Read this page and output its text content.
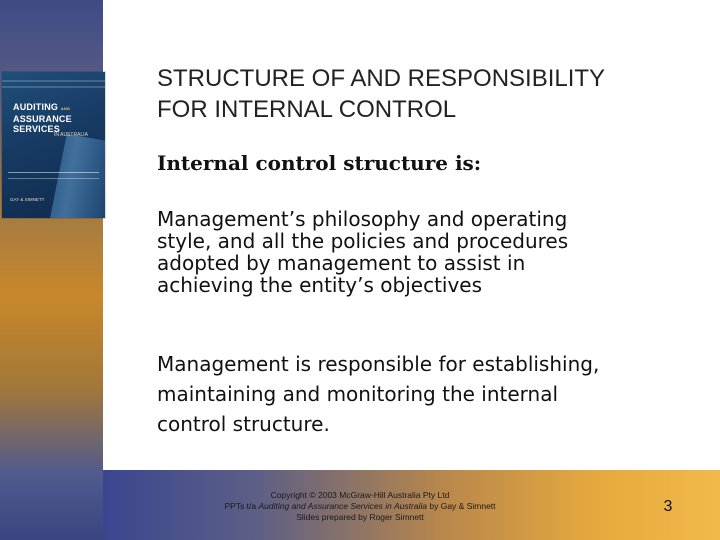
AUDITING AND
ASSURANCE
SERVICES
IN AUSTRALIA
GAY & SIMNETT
STRUCTURE OF AND RESPONSIBILITY
FOR INTERNAL CONTROL
Internal control structure is:
Management’s philosophy and operating
style, and all the policies and procedures
adopted by management to assist in
achieving the entity’s objectives
Management is responsible for establishing,
maintaining and monitoring the internal
control structure.
Copyright © 2003 McGraw-Hill Australia Pty Ltd
PPTs t/a Auditing and Assurance Services in Australia by Gay & Simnett
Slides prepared by Roger Simnett
3
